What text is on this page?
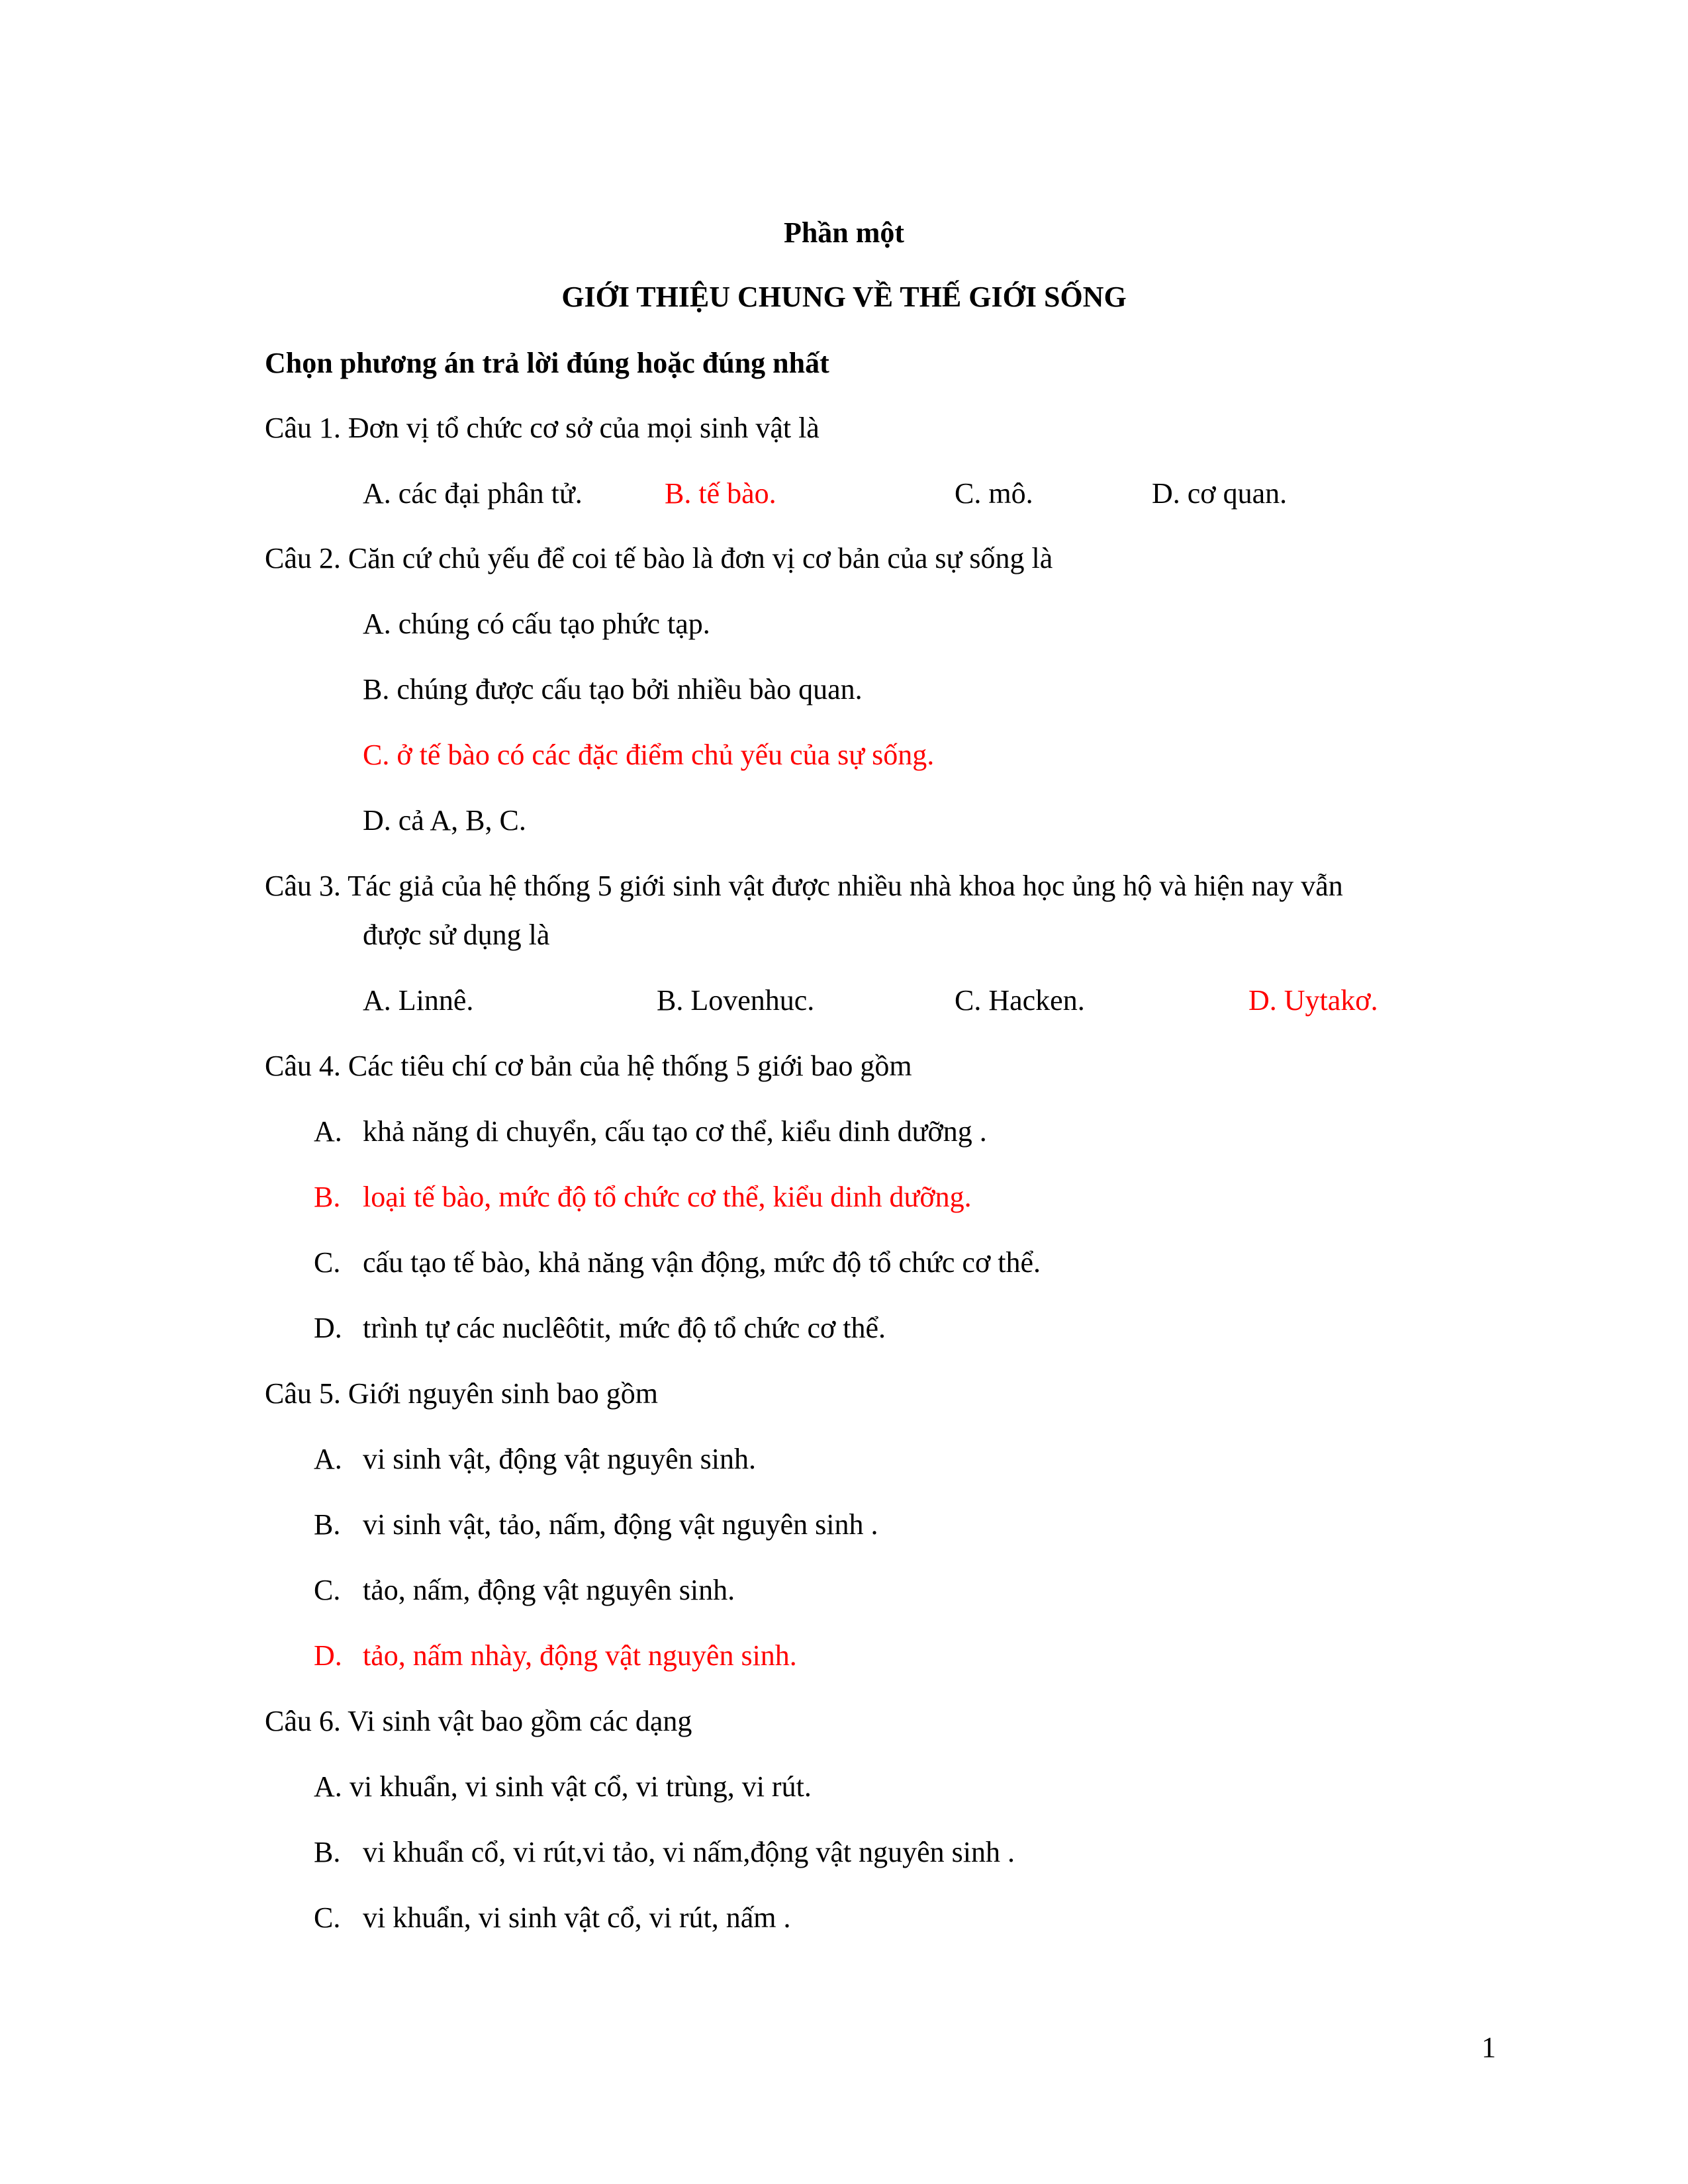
Phần một
GIỚI THIỆU CHUNG VỀ THẾ GIỚI SỐNG
Chọn phương án trả lời đúng hoặc đúng nhất
Câu 1. Đơn vị tổ chức cơ sở của mọi sinh vật là
A. các đại phân tử.	B. tế bào.	C. mô.	D. cơ quan.
Câu 2. Căn cứ chủ yếu để coi tế bào là đơn vị cơ bản của sự sống là
A. chúng có cấu tạo phức tạp.
B. chúng được cấu tạo bởi nhiều bào quan.
C. ở tế bào có các đặc điểm chủ yếu của sự sống.
D. cả A, B, C.
Câu 3. Tác giả của hệ thống 5 giới sinh vật được nhiều nhà khoa học ủng hộ và hiện nay vẫn
được sử dụng là
A. Linnê.	B. Lovenhuc.	C. Hacken.	D. Uytakơ.
Câu 4. Các tiêu chí cơ bản của hệ thống 5 giới bao gồm
A. khả năng di chuyển, cấu tạo cơ thể, kiểu dinh dưỡng .
B. loại tế bào, mức độ tổ chức cơ thể, kiểu dinh dưỡng.
C. cấu tạo tế bào, khả năng vận động, mức độ tổ chức cơ thể.
D. trình tự các nuclêôtit, mức độ tổ chức cơ thể.
Câu 5. Giới nguyên sinh bao gồm
A. vi sinh vật, động vật nguyên sinh.
B. vi sinh vật, tảo, nấm, động vật nguyên sinh .
C. tảo, nấm, động vật nguyên sinh.
D. tảo, nấm nhày, động vật nguyên sinh.
Câu 6. Vi sinh vật bao gồm các dạng
A. vi khuẩn, vi sinh vật cổ, vi trùng, vi rút.
B. vi khuẩn cổ, vi rút,vi tảo, vi nấm,động vật nguyên sinh .
C. vi khuẩn, vi sinh vật cổ, vi rút, nấm .
1
